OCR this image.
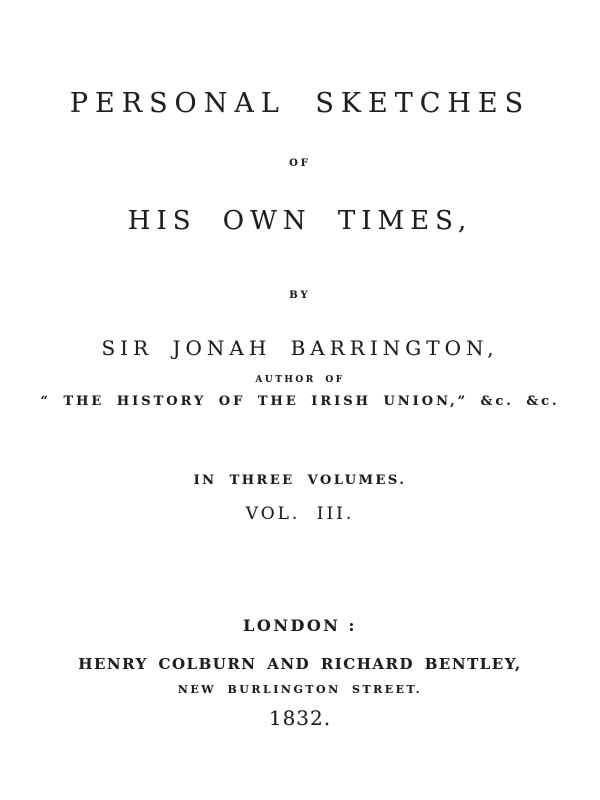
PERSONAL SKETCHES
OF
HIS OWN TIMES,
BY
SIR JONAH BARRINGTON,
AUTHOR OF
“ THE HISTORY OF THE IRISH UNION,” &c. &c.
IN THREE VOLUMES.
VOL. III.
LONDON :
HENRY COLBURN AND RICHARD BENTLEY,
NEW BURLINGTON STREET.
1832.
